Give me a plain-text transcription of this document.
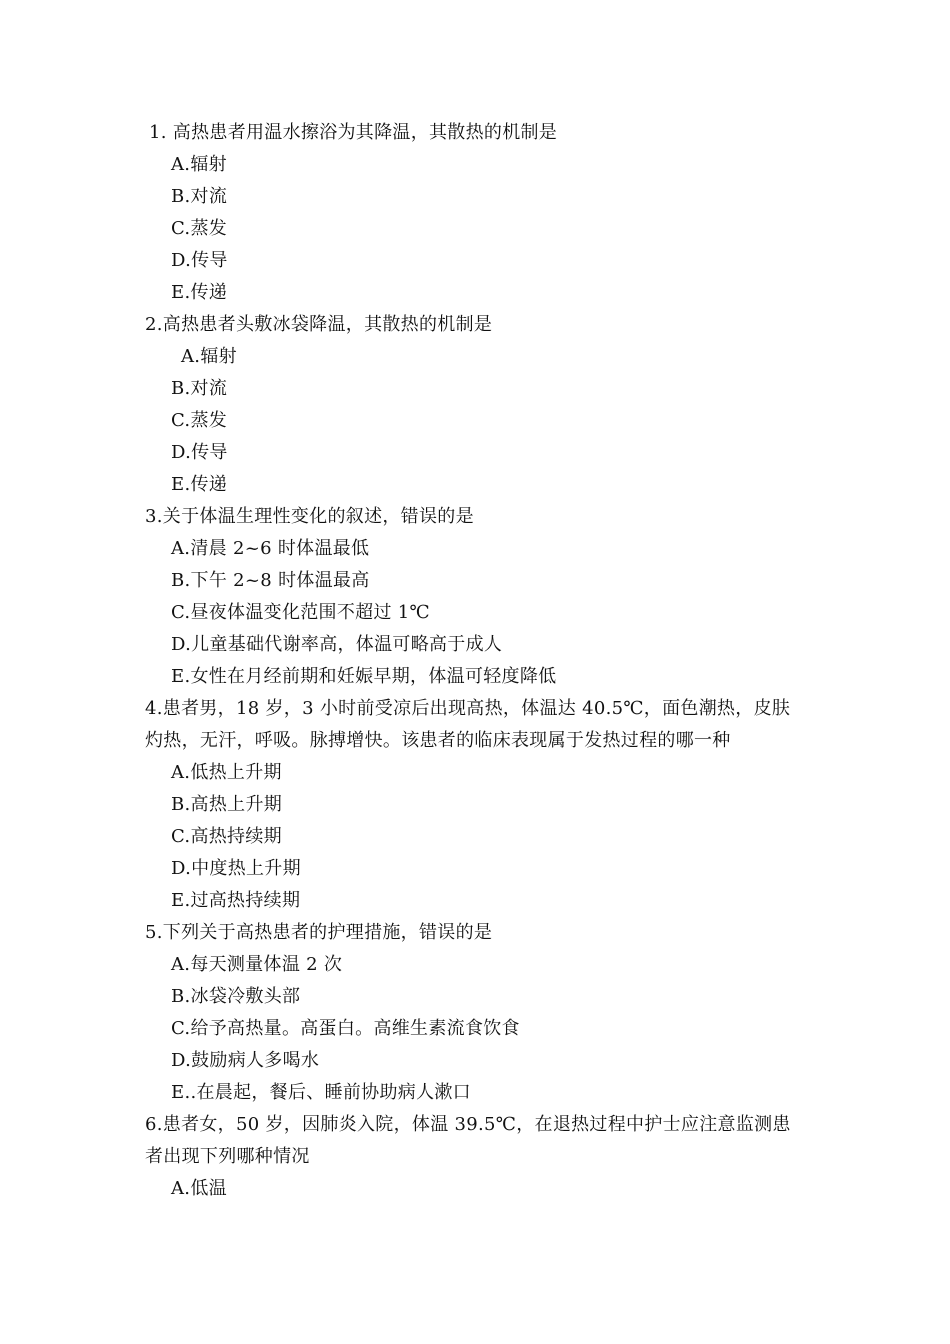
1. 高热患者用温水擦浴为其降温，其散热的机制是
A.辐射
B.对流
C.蒸发
D.传导
E.传递
2.高热患者头敷冰袋降温，其散热的机制是
A.辐射
B.对流
C.蒸发
D.传导
E.传递
3.关于体温生理性变化的叙述，错误的是
A.清晨 2~6 时体温最低
B.下午 2~8 时体温最高
C.昼夜体温变化范围不超过 1℃
D.儿童基础代谢率高，体温可略高于成人
E.女性在月经前期和妊娠早期，体温可轻度降低
4.患者男，18 岁，3 小时前受凉后出现高热，体温达 40.5℃，面色潮热，皮肤
灼热，无汗，呼吸。脉搏增快。该患者的临床表现属于发热过程的哪一种
A.低热上升期
B.高热上升期
C.高热持续期
D.中度热上升期
E.过高热持续期
5.下列关于高热患者的护理措施，错误的是
A.每天测量体温 2 次
B.冰袋冷敷头部
C.给予高热量。高蛋白。高维生素流食饮食
D.鼓励病人多喝水
E..在晨起，餐后、睡前协助病人漱口
6.患者女，50 岁，因肺炎入院，体温 39.5℃，在退热过程中护士应注意监测患
者出现下列哪种情况
A.低温
